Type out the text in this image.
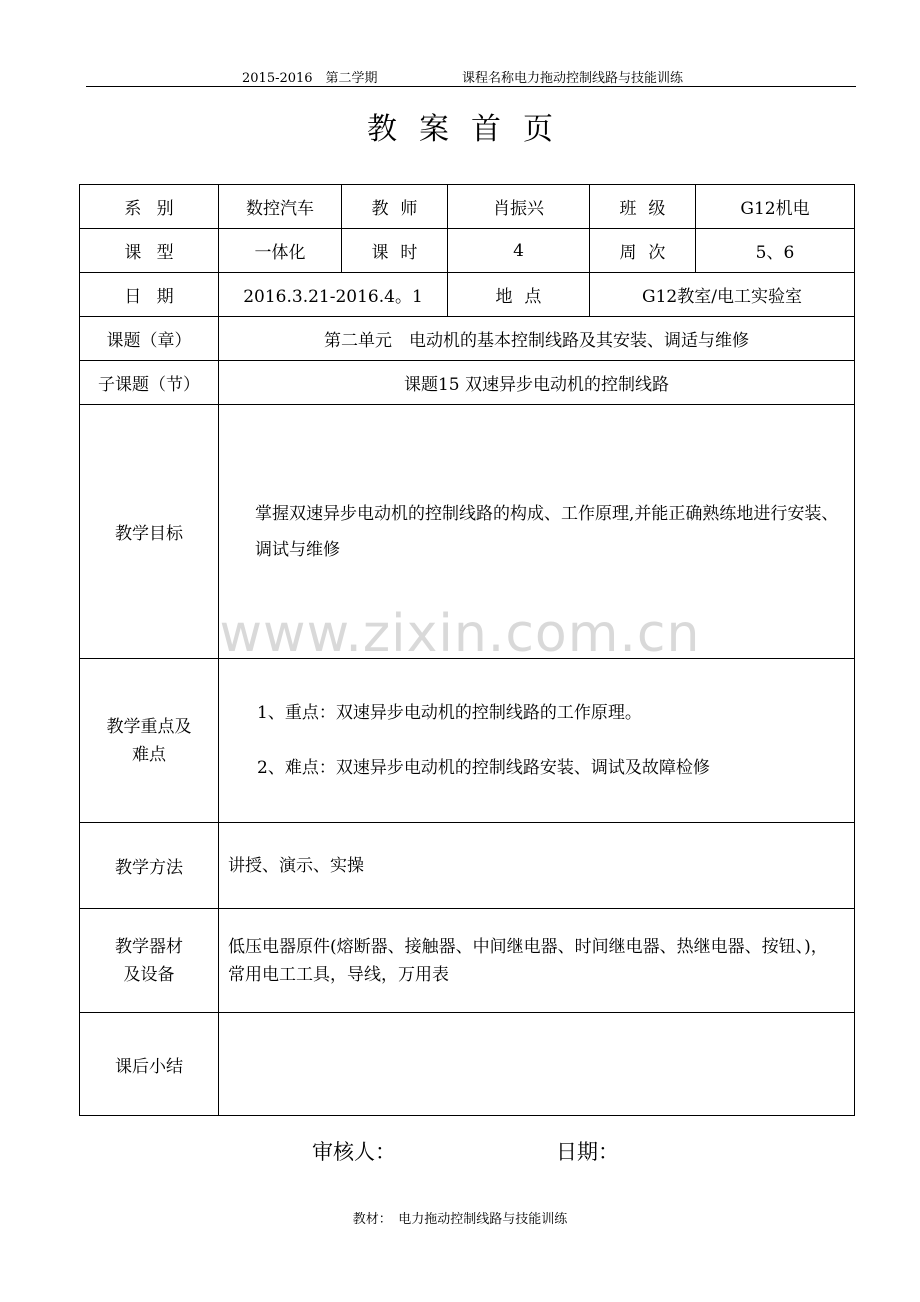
2015-2016　第二学期	课程名称电力拖动控制线路与技能训练
教案首页
系别	数控汽车	教师	肖振兴	班级	G12机电
课型	一体化	课时	4	周次	5、6
日期	2016.3.21-2016.4。1		地点	G12教室/电工实验室	
课题（章）	第二单元　电动机的基本控制线路及其安装、调适与维修				
子课题（节）	课题15 双速异步电动机的控制线路				
教学目标	掌握双速异步电动机的控制线路的构成、工作原理,并能正确熟练地进行安装、调试与维修				
教学重点及难点	1、重点：双速异步电动机的控制线路的工作原理。

2、难点：双速异步电动机的控制线路安装、调试及故障检修				

教学方法	讲授、演示、实操				
教学器材及设备	低压电器原件(熔断器、接触器、中间继电器、时间继电器、热继电器、按钮、)，常用电工工具，导线，万用表				
课后小结					
www.zixin.com.cn
审核人：	日期：
教材：　电力拖动控制线路与技能训练
